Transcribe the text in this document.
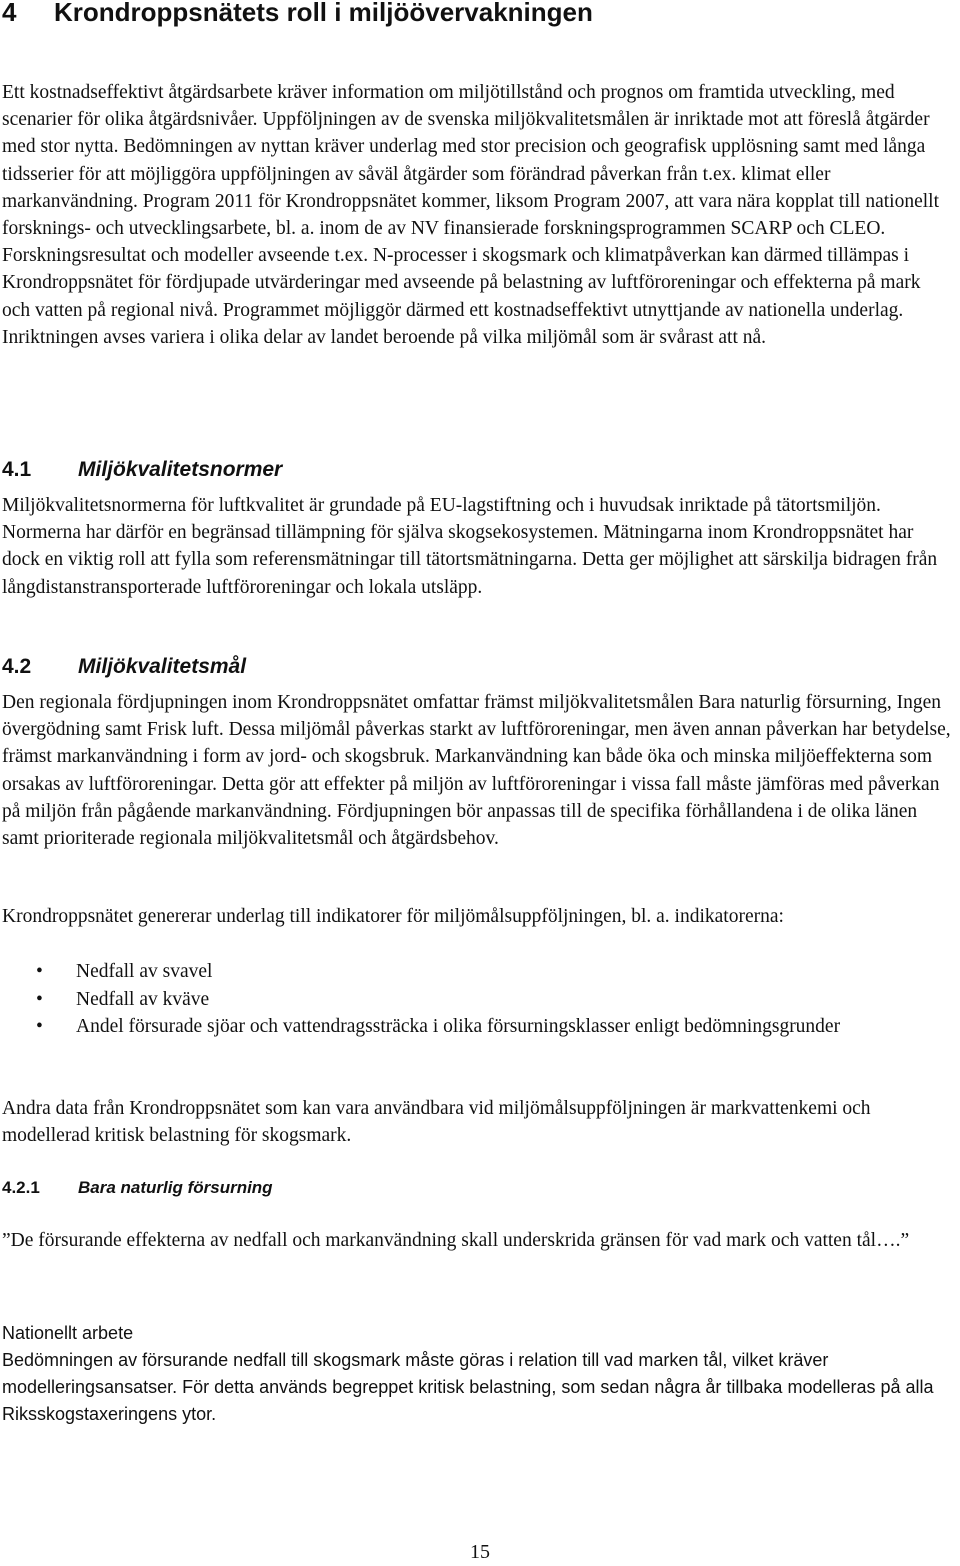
4 Krondroppsnätets roll i miljöövervakningen

Ett kostnadseffektivt åtgärdsarbete kräver information om miljötillstånd och prognos om framtida utveckling, med scenarier för olika åtgärdsnivåer. Uppföljningen av de svenska miljökvalitetsmålen är inriktade mot att föreslå åtgärder med stor nytta. Bedömningen av nyttan kräver underlag med stor precision och geografisk upplösning samt med långa tidsserier för att möjliggöra uppföljningen av såväl åtgärder som förändrad påverkan från t.ex. klimat eller markanvändning. Program 2011 för Krondroppsnätet kommer, liksom Program 2007, att vara nära kopplat till nationellt forsknings- och utvecklingsarbete, bl. a. inom de av NV finansierade forskningsprogrammen SCARP och CLEO. Forskningsresultat och modeller avseende t.ex. N-processer i skogsmark och klimatpåverkan kan därmed tillämpas i Krondroppsnätet för fördjupade utvärderingar med avseende på belastning av luftföroreningar och effekterna på mark och vatten på regional nivå. Programmet möjliggör därmed ett kostnadseffektivt utnyttjande av nationella underlag. Inriktningen avses variera i olika delar av landet beroende på vilka miljömål som är svårast att nå.

4.1 Miljökvalitetsnormer

Miljökvalitetsnormerna för luftkvalitet är grundade på EU-lagstiftning och i huvudsak inriktade på tätortsmiljön. Normerna har därför en begränsad tillämpning för själva skogsekosystemen. Mätningarna inom Krondroppsnätet har dock en viktig roll att fylla som referensmätningar till tätortsmätningarna. Detta ger möjlighet att särskilja bidragen från långdistanstransporterade luftföroreningar och lokala utsläpp.

4.2 Miljökvalitetsmål

Den regionala fördjupningen inom Krondroppsnätet omfattar främst miljökvalitetsmålen Bara naturlig försurning, Ingen övergödning samt Frisk luft. Dessa miljömål påverkas starkt av luftföroreningar, men även annan påverkan har betydelse, främst markanvändning i form av jord- och skogsbruk. Markanvändning kan både öka och minska miljöeffekterna som orsakas av luftföroreningar. Detta gör att effekter på miljön av luftföroreningar i vissa fall måste jämföras med påverkan på miljön från pågående markanvändning. Fördjupningen bör anpassas till de specifika förhållandena i de olika länen samt prioriterade regionala miljökvalitetsmål och åtgärdsbehov.

Krondroppsnätet genererar underlag till indikatorer för miljömålsuppföljningen, bl. a. indikatorerna:

• Nedfall av svavel
• Nedfall av kväve
• Andel försurade sjöar och vattendragssträcka i olika försurningsklasser enligt bedömningsgrunder

Andra data från Krondroppsnätet som kan vara användbara vid miljömålsuppföljningen är markvattenkemi och modellerad kritisk belastning för skogsmark.

4.2.1 Bara naturlig försurning

”De försurande effekterna av nedfall och markanvändning skall underskrida gränsen för vad mark och vatten tål….”

Nationellt arbete

Bedömningen av försurande nedfall till skogsmark måste göras i relation till vad marken tål, vilket kräver modelleringsansatser. För detta används begreppet kritisk belastning, som sedan några år tillbaka modelleras på alla Riksskogstaxeringens ytor.

15
